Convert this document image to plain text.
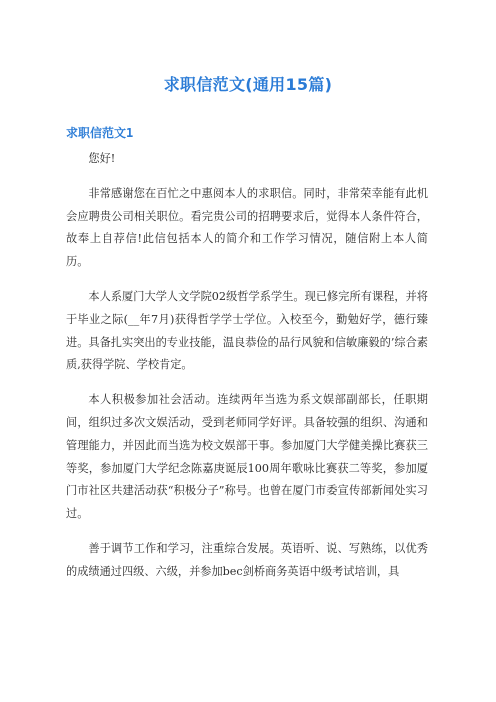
求职信范文(通用15篇)
求职信范文1

您好!

非常感谢您在百忙之中惠阅本人的求职信。同时，非常荣幸能有此机会应聘贵公司相关职位。看完贵公司的招聘要求后，觉得本人条件符合，故奉上自荐信!此信包括本人的简介和工作学习情况，随信附上本人简历。

本人系厦门大学人文学院02级哲学系学生。现已修完所有课程，并将于毕业之际(__年7月)获得哲学学士学位。入校至今，勤勉好学，德行臻进。具备扎实突出的专业技能，温良恭俭的品行风貌和信敏廉毅的’综合素质,获得学院、学校肯定。

本人积极参加社会活动。连续两年当选为系文娱部副部长，任职期间，组织过多次文娱活动，受到老师同学好评。具备较强的组织、沟通和管理能力，并因此而当选为校文娱部干事。参加厦门大学健美操比赛获三等奖，参加厦门大学纪念陈嘉庚诞辰100周年歌咏比赛获二等奖，参加厦门市社区共建活动获“积极分子”称号。也曾在厦门市委宣传部新闻处实习过。

善于调节工作和学习，注重综合发展。英语听、说、写熟练，以优秀的成绩通过四级、六级，并参加bec剑桥商务英语中级考试培训，具
